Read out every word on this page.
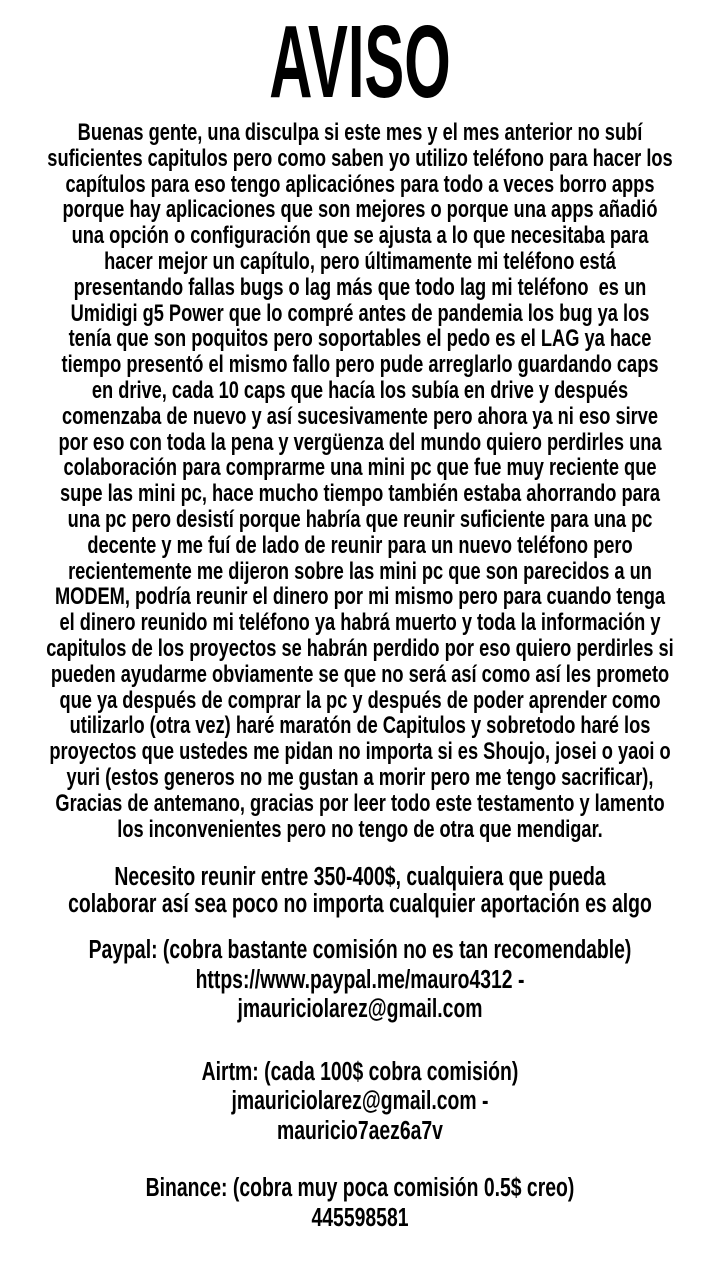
AVISO
Buenas gente, una disculpa si este mes y el mes anterior no subí
suficientes capitulos pero como saben yo utilizo teléfono para hacer los
capítulos para eso tengo aplicaciónes para todo a veces borro apps
porque hay aplicaciones que son mejores o porque una apps añadió
una opción o configuración que se ajusta a lo que necesitaba para
hacer mejor un capítulo, pero últimamente mi teléfono está
presentando fallas bugs o lag más que todo lag mi teléfono  es un
Umidigi g5 Power que lo compré antes de pandemia los bug ya los
tenía que son poquitos pero soportables el pedo es el LAG ya hace
tiempo presentó el mismo fallo pero pude arreglarlo guardando caps
en drive, cada 10 caps que hacía los subía en drive y después
comenzaba de nuevo y así sucesivamente pero ahora ya ni eso sirve
por eso con toda la pena y vergüenza del mundo quiero perdirles una
colaboración para comprarme una mini pc que fue muy reciente que
supe las mini pc, hace mucho tiempo también estaba ahorrando para
una pc pero desistí porque habría que reunir suficiente para una pc
decente y me fuí de lado de reunir para un nuevo teléfono pero
recientemente me dijeron sobre las mini pc que son parecidos a un
MODEM, podría reunir el dinero por mi mismo pero para cuando tenga
el dinero reunido mi teléfono ya habrá muerto y toda la información y
capitulos de los proyectos se habrán perdido por eso quiero perdirles si
pueden ayudarme obviamente se que no será así como así les prometo
que ya después de comprar la pc y después de poder aprender como
utilizarlo (otra vez) haré maratón de Capitulos y sobretodo haré los
proyectos que ustedes me pidan no importa si es Shoujo, josei o yaoi o
yuri (estos generos no me gustan a morir pero me tengo sacrificar),
Gracias de antemano, gracias por leer todo este testamento y lamento
los inconvenientes pero no tengo de otra que mendigar.
Necesito reunir entre 350-400$, cualquiera que pueda
colaborar así sea poco no importa cualquier aportación es algo
Paypal: (cobra bastante comisión no es tan recomendable)
https://www.paypal.me/mauro4312 -
jmauriciolarez@gmail.com
Airtm: (cada 100$ cobra comisión)
jmauriciolarez@gmail.com -
mauricio7aez6a7v
Binance: (cobra muy poca comisión 0.5$ creo)
445598581
